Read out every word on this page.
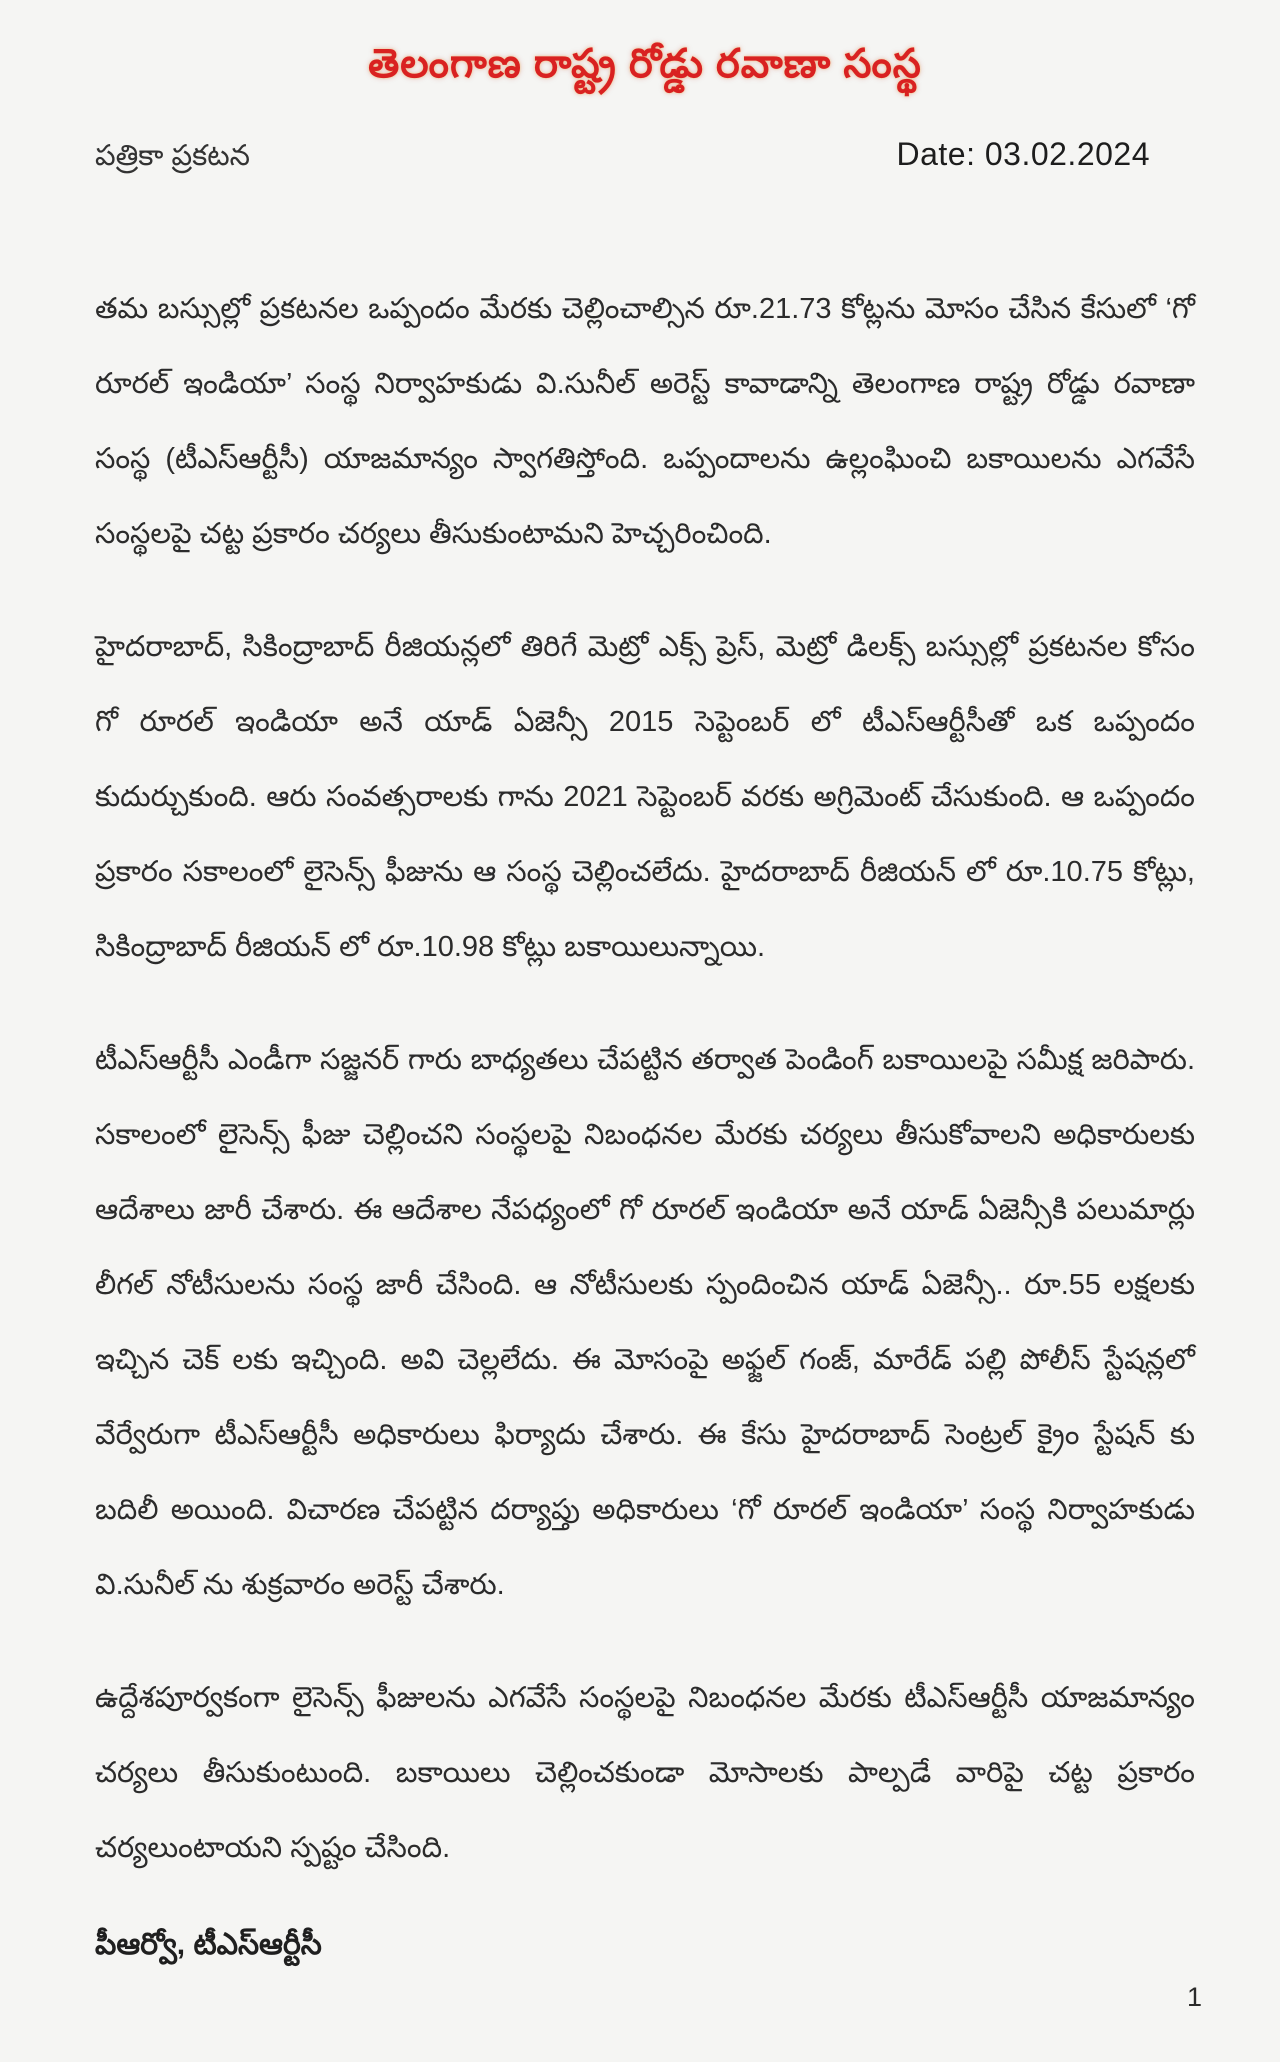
తెలంగాణ రాష్ట్ర రోడ్డు రవాణా సంస్థ
పత్రికా ప్రకటన	Date: 03.02.2024

తమ బస్సుల్లో ప్రకటనల ఒప్పందం మేరకు చెల్లించాల్సిన రూ.21.73 కోట్లను మోసం చేసిన కేసులో ‘గో రూరల్ ఇండియా’ సంస్థ నిర్వాహకుడు వి.సునీల్ అరెస్ట్ కావాడాన్ని తెలంగాణ రాష్ట్ర రోడ్డు రవాణా సంస్థ (టీఎస్ఆర్టీసీ) యాజమాన్యం స్వాగతిస్తోంది. ఒప్పందాలను ఉల్లంఘించి బకాయిలను ఎగవేసే సంస్థలపై చట్ట ప్రకారం చర్యలు తీసుకుంటామని హెచ్చరించింది.

హైదరాబాద్, సికింద్రాబాద్ రీజియన్లలో తిరిగే మెట్రో ఎక్స్ ప్రెస్, మెట్రో డిలక్స్ బస్సుల్లో ప్రకటనల కోసం గో రూరల్ ఇండియా అనే యాడ్ ఏజెన్సీ 2015 సెప్టెంబర్ లో టీఎస్ఆర్టీసీతో ఒక ఒప్పందం కుదుర్చుకుంది. ఆరు సంవత్సరాలకు గాను 2021 సెప్టెంబర్ వరకు అగ్రిమెంట్ చేసుకుంది. ఆ ఒప్పందం ప్రకారం సకాలంలో లైసెన్స్ ఫీజును ఆ సంస్థ చెల్లించలేదు. హైదరాబాద్ రీజియన్ లో రూ.10.75 కోట్లు, సికింద్రాబాద్ రీజియన్ లో రూ.10.98 కోట్లు బకాయిలున్నాయి.

టీఎస్ఆర్టీసీ ఎండీగా సజ్జనర్ గారు బాధ్యతలు చేపట్టిన తర్వాత పెండింగ్ బకాయిలపై సమీక్ష జరిపారు. సకాలంలో లైసెన్స్ ఫీజు చెల్లించని సంస్థలపై నిబంధనల మేరకు చర్యలు తీసుకోవాలని అధికారులకు ఆదేశాలు జారీ చేశారు. ఈ ఆదేశాల నేపధ్యంలో గో రూరల్ ఇండియా అనే యాడ్ ఏజెన్సీకి పలుమార్లు లీగల్ నోటీసులను సంస్థ జారీ చేసింది. ఆ నోటీసులకు స్పందించిన యాడ్ ఏజెన్సీ.. రూ.55 లక్షలకు ఇచ్చిన చెక్ లకు ఇచ్చింది. అవి చెల్లలేదు. ఈ మోసంపై అఫ్జల్ గంజ్, మారేడ్ పల్లి పోలీస్ స్టేషన్లలో వేర్వేరుగా టీఎస్ఆర్టీసీ అధికారులు ఫిర్యాదు చేశారు. ఈ కేసు హైదరాబాద్ సెంట్రల్ క్రైం స్టేషన్ కు బదిలీ అయింది. విచారణ చేపట్టిన దర్యాప్తు అధికారులు ‘గో రూరల్ ఇండియా’ సంస్థ నిర్వాహకుడు వి.సునీల్ ను శుక్రవారం అరెస్ట్ చేశారు.

ఉద్దేశపూర్వకంగా లైసెన్స్ ఫీజులను ఎగవేసే సంస్థలపై నిబంధనల మేరకు టీఎస్ఆర్టీసీ యాజమాన్యం చర్యలు తీసుకుంటుంది. బకాయిలు చెల్లించకుండా మోసాలకు పాల్పడే వారిపై చట్ట ప్రకారం చర్యలుంటాయని స్పష్టం చేసింది.

పీఆర్వో, టీఎస్ఆర్టీసీ
1
